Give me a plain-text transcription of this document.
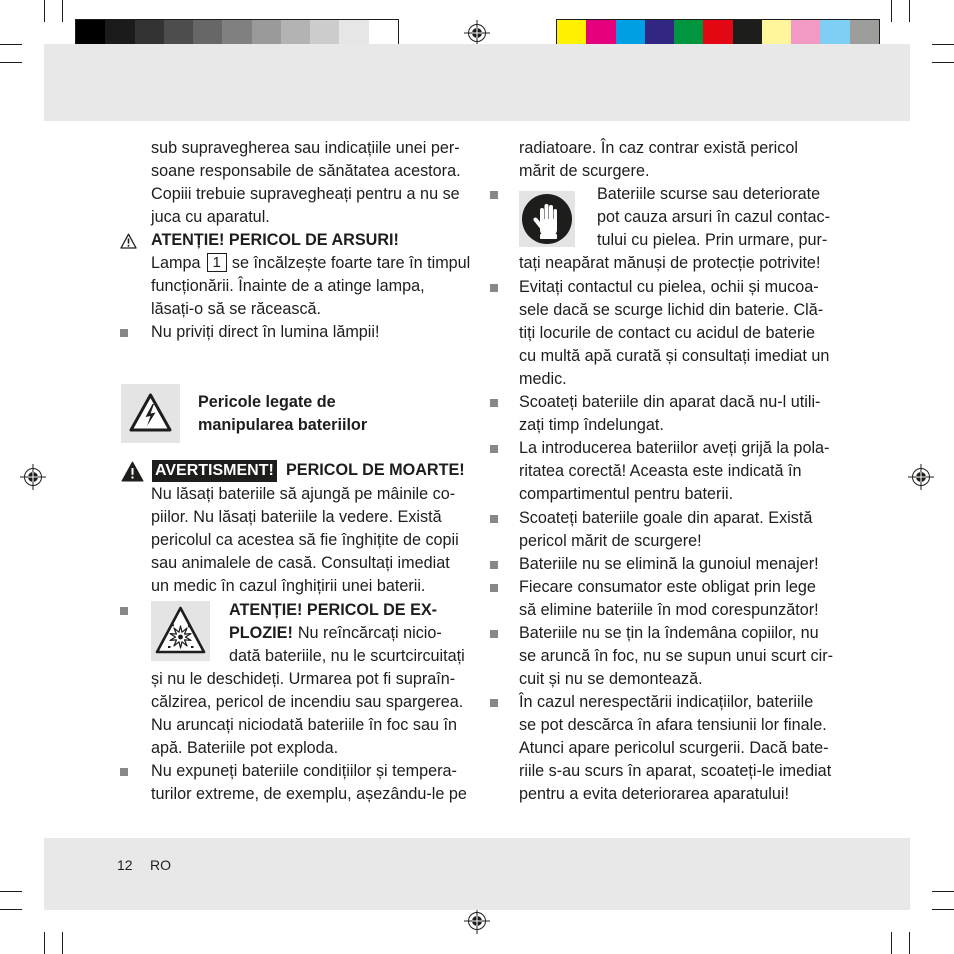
sub supravegherea sau indicațiile unei per-
soane responsabile de sănătatea acestora.
Copiii trebuie supravegheați pentru a nu se
juca cu aparatul.
ATENȚIE! PERICOL DE ARSURI!
Lampa 1 se încălzește foarte tare în timpul
funcționării. Înainte de a atinge lampa,
lăsați-o să se răcească.
Nu priviți direct în lumina lămpii!
Pericole legate de
manipularea bateriilor
AVERTISMENT! PERICOL DE MOARTE!
Nu lăsați bateriile să ajungă pe mâinile co-
piilor. Nu lăsați bateriile la vedere. Există
pericolul ca acestea să fie înghițite de copii
sau animalele de casă. Consultați imediat
un medic în cazul înghițirii unei baterii.
ATENȚIE! PERICOL DE EX-
PLOZIE! Nu reîncărcați nicio-
dată bateriile, nu le scurtcircuitați
și nu le deschideți. Urmarea pot fi supraîn-
călzirea, pericol de incendiu sau spargerea.
Nu aruncați niciodată bateriile în foc sau în
apă. Bateriile pot exploda.
Nu expuneți bateriile condițiilor și tempera-
turilor extreme, de exemplu, așezându-le pe
radiatoare. În caz contrar există pericol
mărit de scurgere.
Bateriile scurse sau deteriorate
pot cauza arsuri în cazul contac-
tului cu pielea. Prin urmare, pur-
tați neapărat mănuși de protecție potrivite!
Evitați contactul cu pielea, ochii și mucoa-
sele dacă se scurge lichid din baterie. Clă-
tiți locurile de contact cu acidul de baterie
cu multă apă curată și consultați imediat un
medic.
Scoateți bateriile din aparat dacă nu-l utili-
zați timp îndelungat.
La introducerea bateriilor aveți grijă la pola-
ritatea corectă! Aceasta este indicată în
compartimentul pentru baterii.
Scoateți bateriile goale din aparat. Există
pericol mărit de scurgere!
Bateriile nu se elimină la gunoiul menajer!
Fiecare consumator este obligat prin lege
să elimine bateriile în mod corespunzător!
Bateriile nu se țin la îndemâna copiilor, nu
se aruncă în foc, nu se supun unui scurt cir-
cuit și nu se demontează.
În cazul nerespectării indicațiilor, bateriile
se pot descărca în afara tensiunii lor finale.
Atunci apare pericolul scurgerii. Dacă bate-
riile s-au scurs în aparat, scoateți-le imediat
pentru a evita deteriorarea aparatului!
12 RO
